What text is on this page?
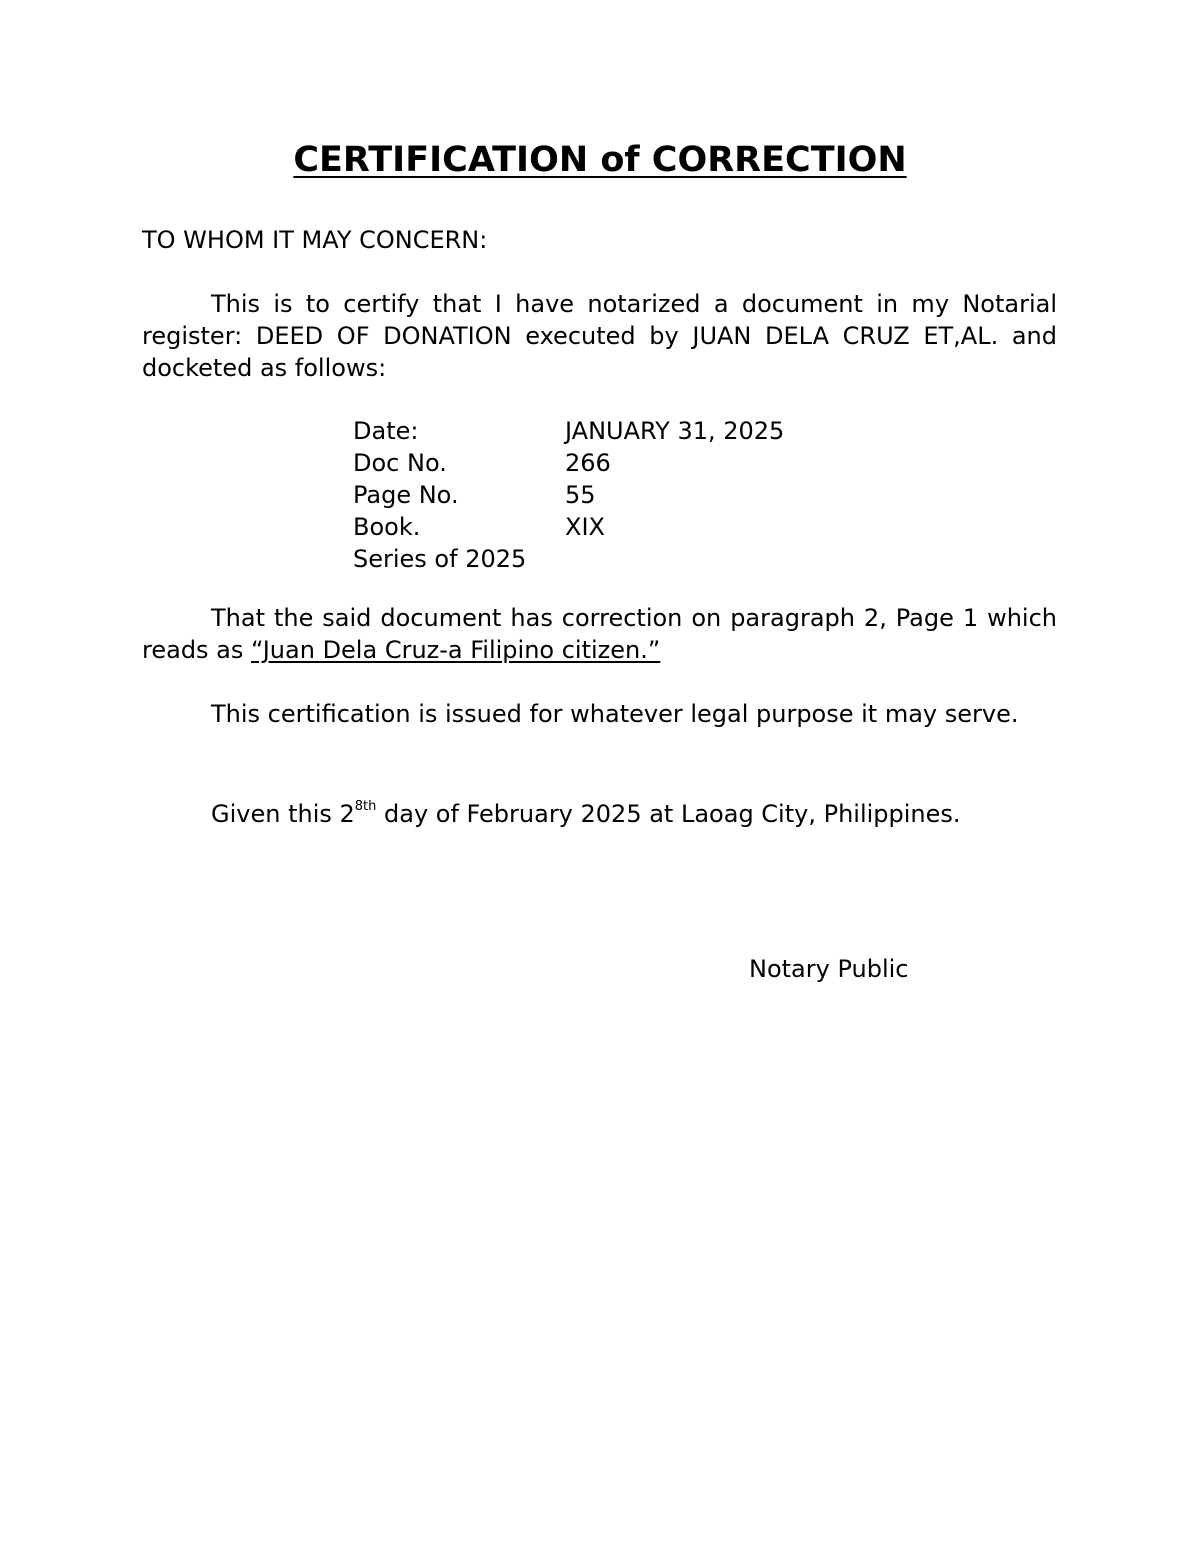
CERTIFICATION of CORRECTION
TO WHOM IT MAY CONCERN:

This is to certify that I have notarized a document in my Notarial register: DEED OF DONATION executed by JUAN DELA CRUZ ET,AL. and docketed as follows:

Date:	JANUARY 31, 2025
Doc No.	266
Page No.	55
Book.	XIX
Series of 2025

That the said document has correction on paragraph 2, Page 1 which reads as “Juan Dela Cruz-a Filipino citizen.”

This certification is issued for whatever legal purpose it may serve.

Given this $2^{8th}$ day of February 2025 at Laoag City, Philippines.

Notary Public
